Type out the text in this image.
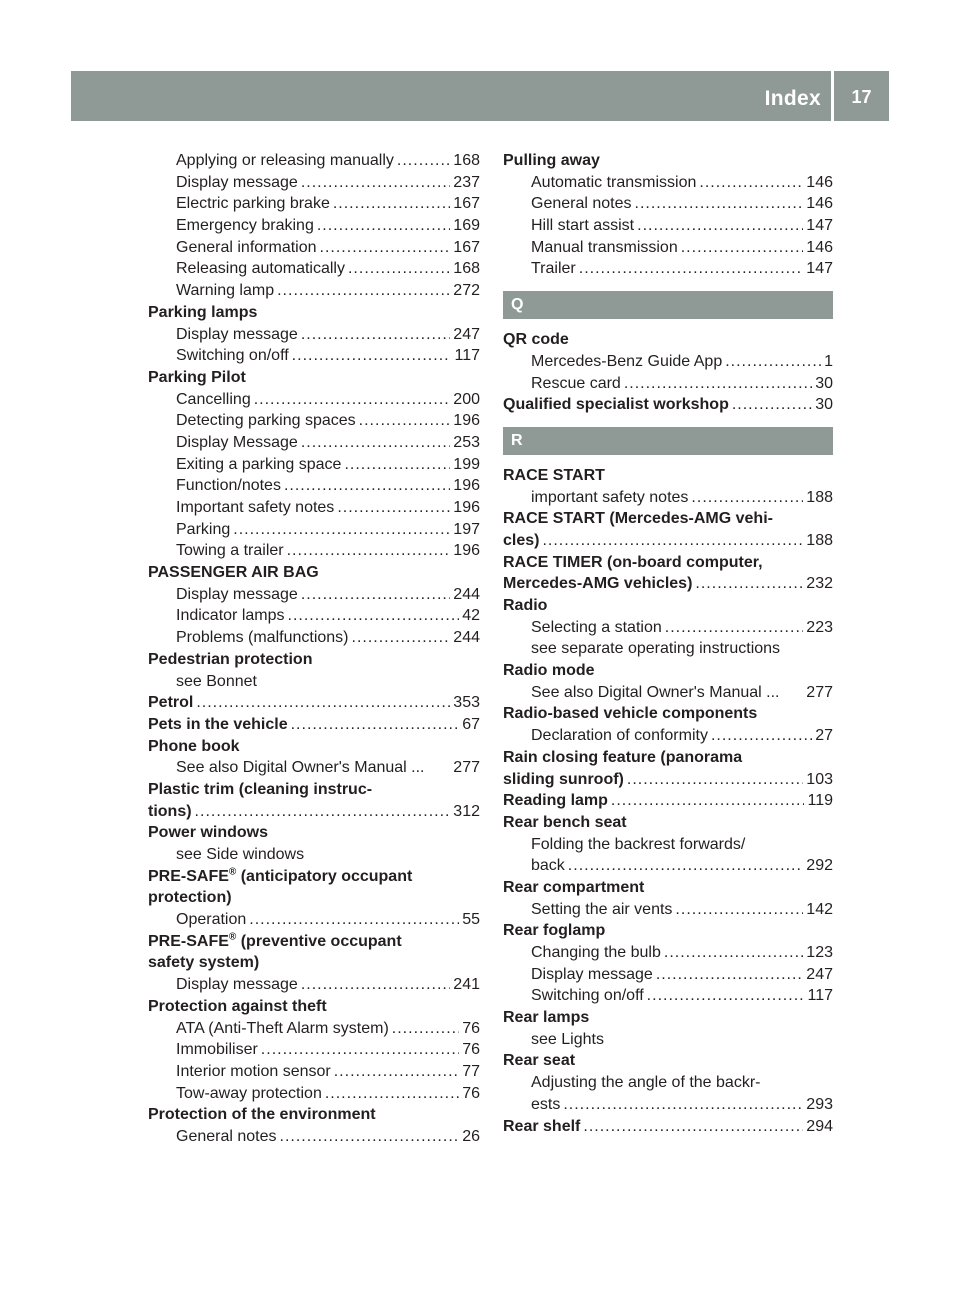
Index	17
Applying or releasing manually .....	168
Display message .....	237
Electric parking brake .....	167
Emergency braking .....	169
General information .....	167
Releasing automatically .....	168
Warning lamp .....	272
Parking lamps
Display message .....	247
Switching on/off .....	117
Parking Pilot
Cancelling .....	200
Detecting parking spaces .....	196
Display Message .....	253
Exiting a parking space .....	199
Function/notes .....	196
Important safety notes .....	196
Parking .....	197
Towing a trailer .....	196
PASSENGER AIR BAG
Display message .....	244
Indicator lamps .....	42
Problems (malfunctions) .....	244
Pedestrian protection
see Bonnet
Petrol .....	353
Pets in the vehicle .....	67
Phone book
See also Digital Owner's Manual ... 277
Plastic trim (cleaning instruc-
tions) .....	312
Power windows
see Side windows
PRE-SAFE® (anticipatory occupant
protection)
Operation .....	55
PRE-SAFE® (preventive occupant
safety system)
Display message .....	241
Protection against theft
ATA (Anti-Theft Alarm system) .....	76
Immobiliser .....	76
Interior motion sensor .....	77
Tow-away protection .....	76
Protection of the environment
General notes .....	26
Pulling away
Automatic transmission .....	146
General notes .....	146
Hill start assist .....	147
Manual transmission .....	146
Trailer .....	147
Q
QR code
Mercedes-Benz Guide App .....	1
Rescue card .....	30
Qualified specialist workshop .....	30
R
RACE START
important safety notes .....	188
RACE START (Mercedes-AMG vehi-
cles) .....	188
RACE TIMER (on-board computer,
Mercedes-AMG vehicles) .....	232
Radio
Selecting a station .....	223
see separate operating instructions
Radio mode
See also Digital Owner's Manual ... 277
Radio-based vehicle components
Declaration of conformity .....	27
Rain closing feature (panorama
sliding sunroof) .....	103
Reading lamp .....	119
Rear bench seat
Folding the backrest forwards/
back .....	292
Rear compartment
Setting the air vents .....	142
Rear foglamp
Changing the bulb .....	123
Display message .....	247
Switching on/off .....	117
Rear lamps
see Lights
Rear seat
Adjusting the angle of the backr-
ests .....	293
Rear shelf .....	294
